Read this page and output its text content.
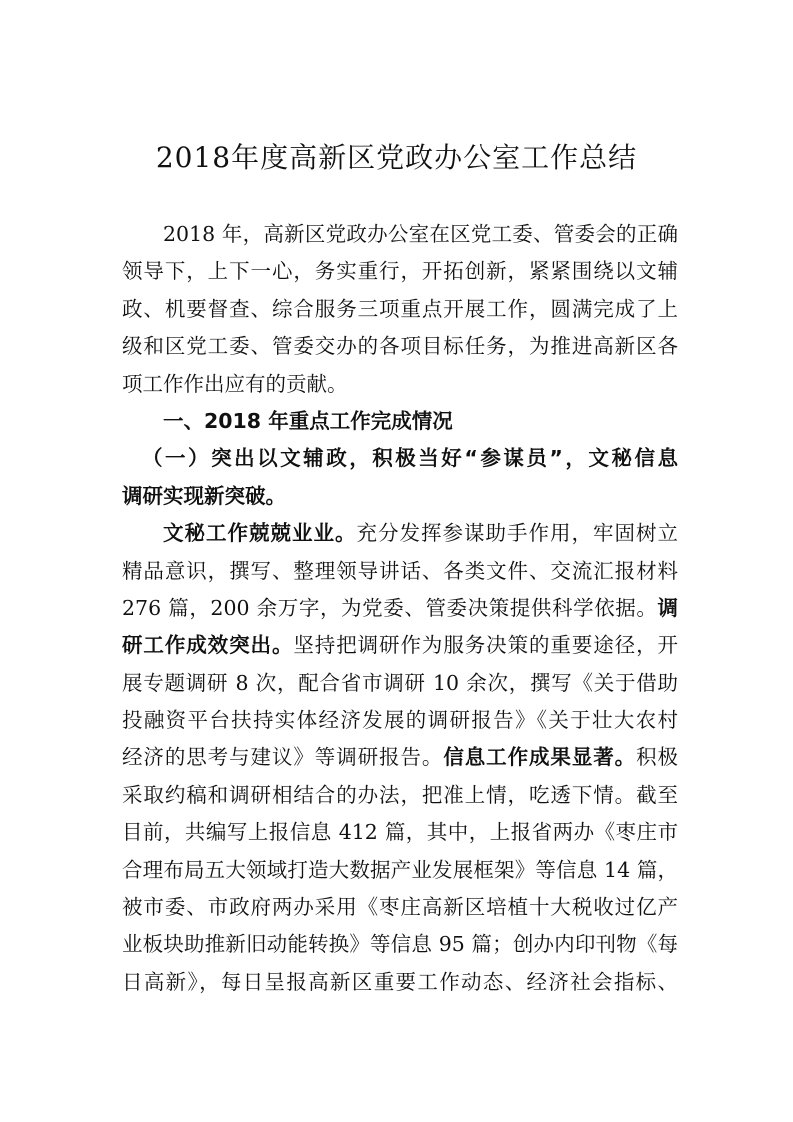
2018年度高新区党政办公室工作总结
2018 年，高新区党政办公室在区党工委、管委会的正确
领导下，上下一心，务实重行，开拓创新，紧紧围绕以文辅
政、机要督查、综合服务三项重点开展工作，圆满完成了上
级和区党工委、管委交办的各项目标任务，为推进高新区各
项工作作出应有的贡献。
一、2018 年重点工作完成情况
（一）突出以文辅政，积极当好“参谋员”，文秘信息
调研实现新突破。
文秘工作兢兢业业。充分发挥参谋助手作用，牢固树立
精品意识，撰写、整理领导讲话、各类文件、交流汇报材料
276 篇，200 余万字，为党委、管委决策提供科学依据。调
研工作成效突出。坚持把调研作为服务决策的重要途径，开
展专题调研 8 次，配合省市调研 10 余次，撰写《关于借助
投融资平台扶持实体经济发展的调研报告》《关于壮大农村
经济的思考与建议》等调研报告。信息工作成果显著。积极
采取约稿和调研相结合的办法，把准上情，吃透下情。截至
目前，共编写上报信息 412 篇，其中，上报省两办《枣庄市
合理布局五大领域打造大数据产业发展框架》等信息 14 篇，
被市委、市政府两办采用《枣庄高新区培植十大税收过亿产
业板块助推新旧动能转换》等信息 95 篇；创办内印刊物《每
日高新》，每日呈报高新区重要工作动态、经济社会指标、
